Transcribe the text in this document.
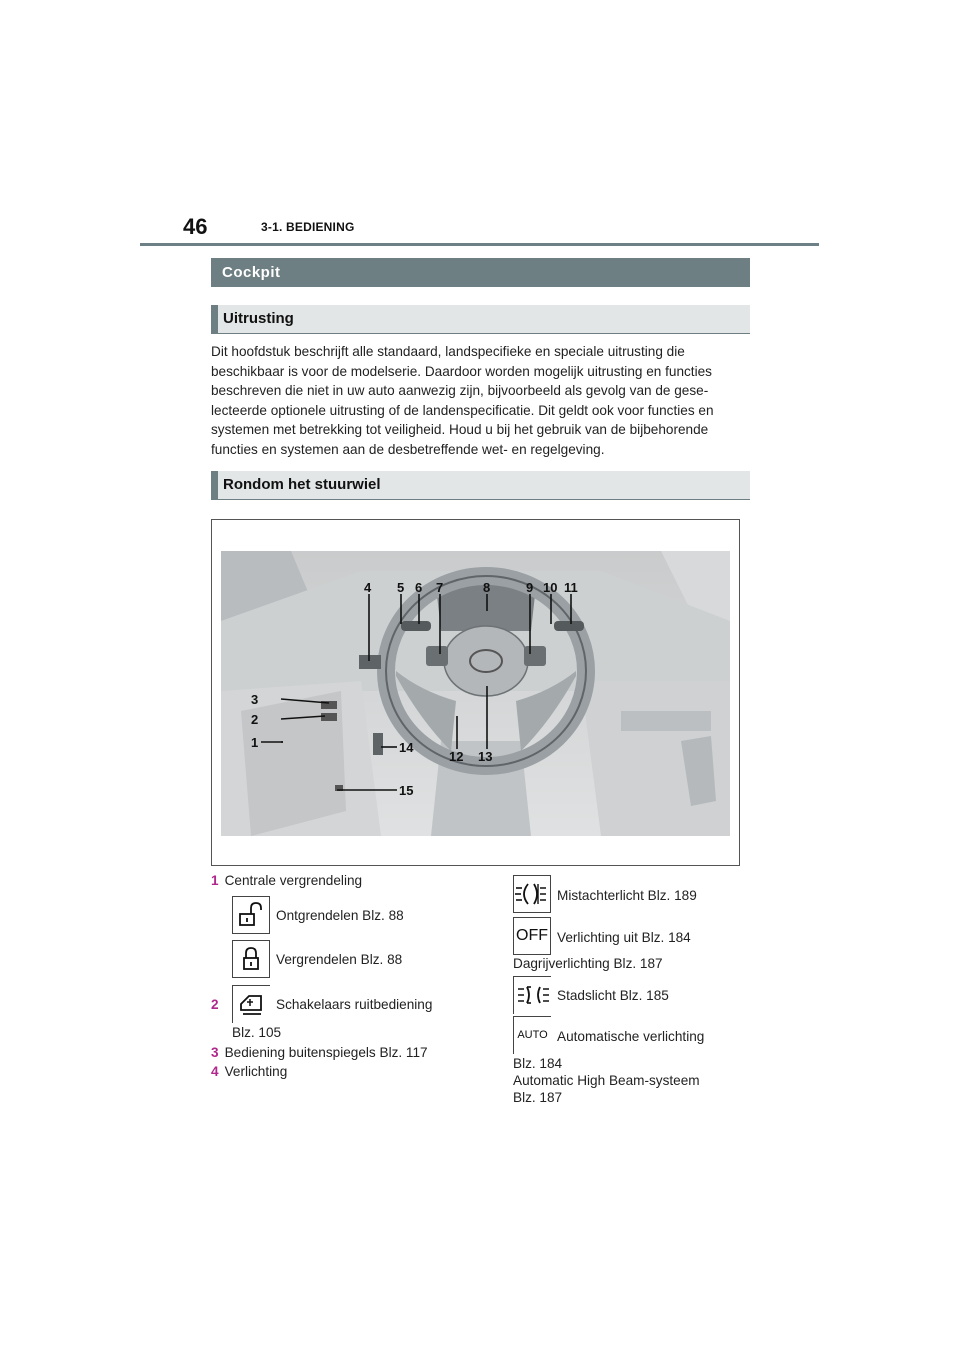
46	3-1. BEDIENING
Cockpit
Uitrusting

Dit hoofdstuk beschrijft alle standaard, landspecifieke en speciale uitrusting die beschikbaar is voor de modelserie. Daardoor worden mogelijk uitrusting en functies beschreven die niet in uw auto aanwezig zijn, bijvoorbeeld als gevolg van de geselecteerde optionele uitrusting of de landenspecificatie. Dit geldt ook voor functies en systemen met betrekking tot veiligheid. Houd u bij het gebruik van de bijbehorende functies en systemen aan de desbetreffende wet- en regelgeving.

Rondom het stuurwiel
4 5 6 7	8	9 10 11
3
2
1	14
12 13
15
1 Centrale vergrendeling
Ontgrendelen Blz. 88
Vergrendelen Blz. 88
2	Schakelaars ruitbediening
Blz. 105
3 Bediening buitenspiegels Blz. 117
4 Verlichting
Mistachterlicht Blz. 189
OFF Verlichting uit Blz. 184
Dagrijverlichting Blz. 187
Stadslicht Blz. 185
AUTO Automatische verlichting
Blz. 184
Automatic High Beam-systeem
Blz. 187
